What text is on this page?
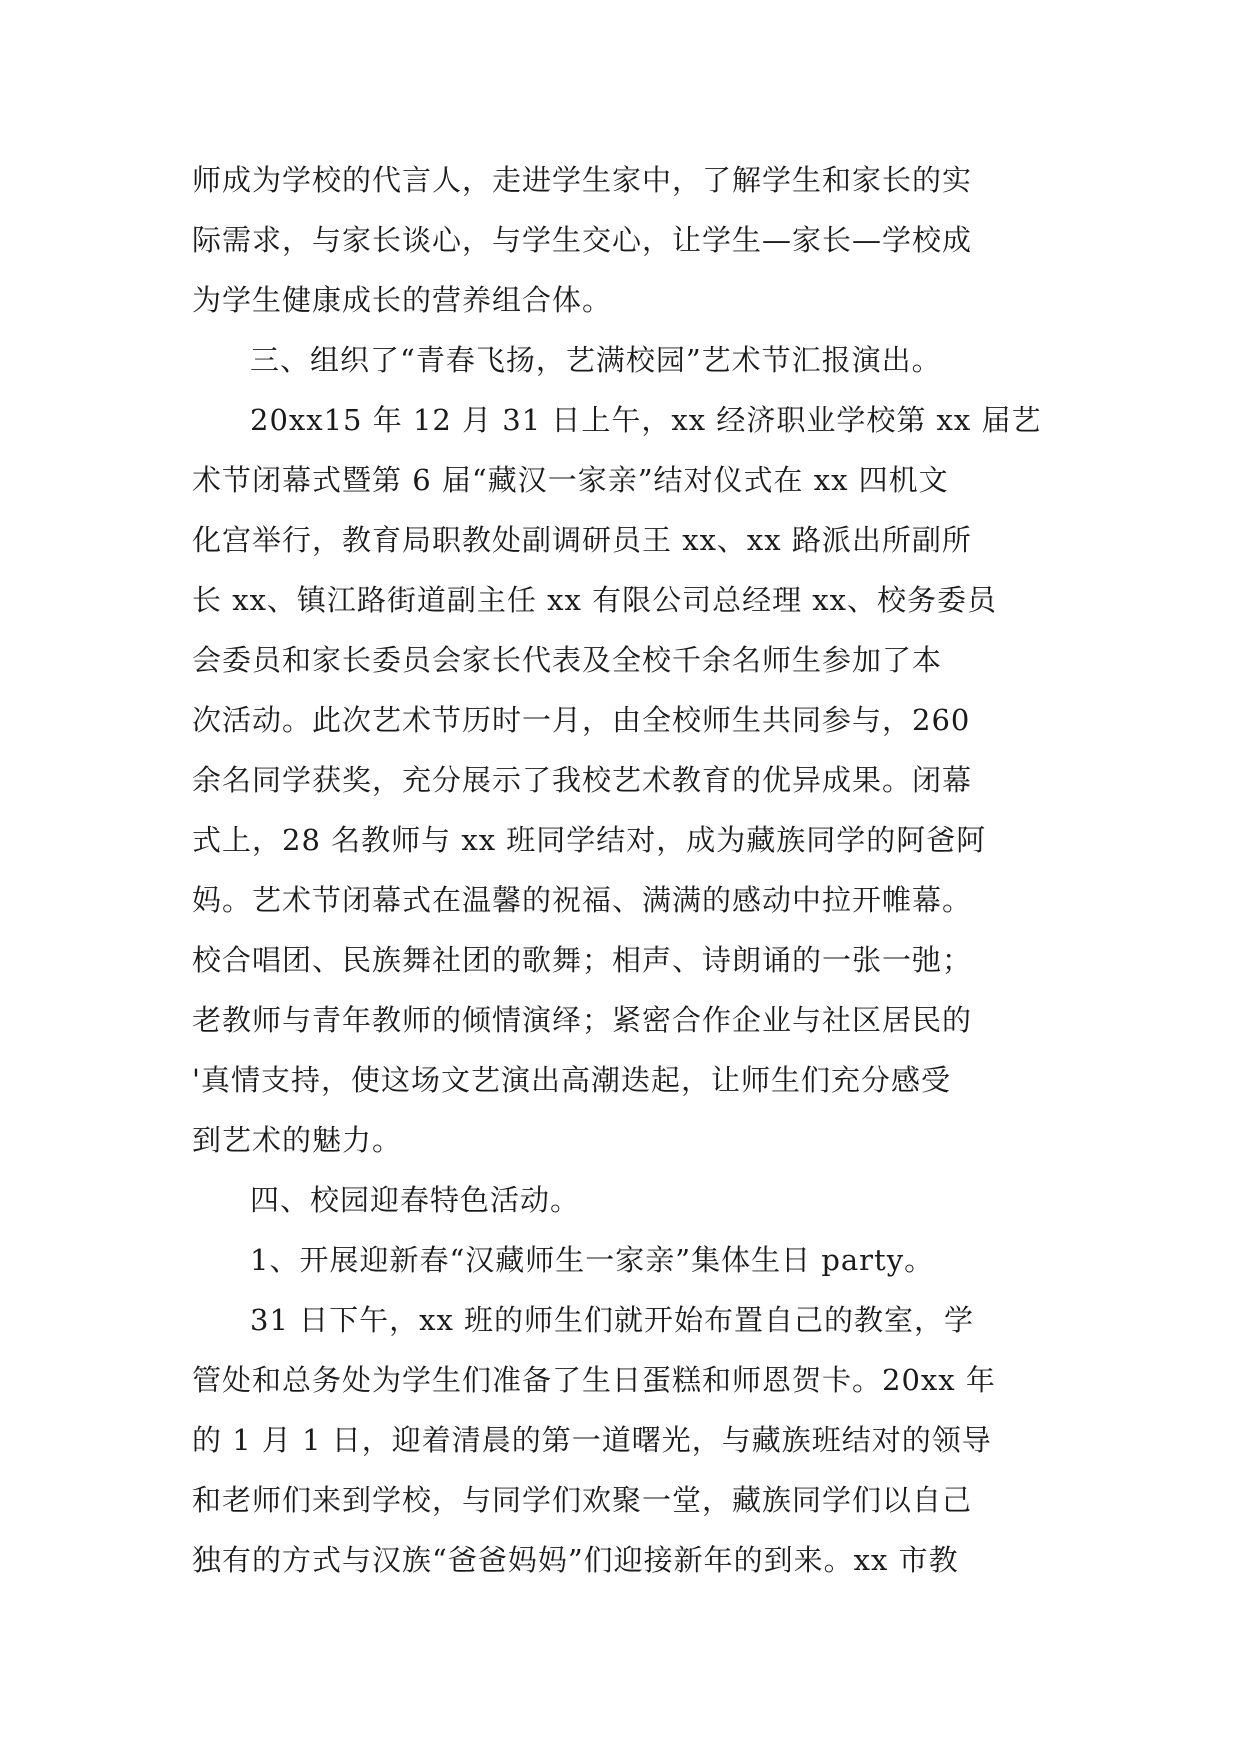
师成为学校的代言人，走进学生家中，了解学生和家长的实
际需求，与家长谈心，与学生交心，让学生—家长—学校成
为学生健康成长的营养组合体。
三、组织了“青春飞扬，艺满校园”艺术节汇报演出。
20xx15 年 12 月 31 日上午，xx 经济职业学校第 xx 届艺
术节闭幕式暨第 6 届“藏汉一家亲”结对仪式在 xx 四机文
化宫举行，教育局职教处副调研员王 xx、xx 路派出所副所
长 xx、镇江路街道副主任 xx 有限公司总经理 xx、校务委员
会委员和家长委员会家长代表及全校千余名师生参加了本
次活动。此次艺术节历时一月，由全校师生共同参与，260
余名同学获奖，充分展示了我校艺术教育的优异成果。闭幕
式上，28 名教师与 xx 班同学结对，成为藏族同学的阿爸阿
妈。艺术节闭幕式在温馨的祝福、满满的感动中拉开帷幕。
校合唱团、民族舞社团的歌舞；相声、诗朗诵的一张一弛；
老教师与青年教师的倾情演绎；紧密合作企业与社区居民的
'真情支持，使这场文艺演出高潮迭起，让师生们充分感受
到艺术的魅力。
四、校园迎春特色活动。
1、开展迎新春“汉藏师生一家亲”集体生日 party。
31 日下午，xx 班的师生们就开始布置自己的教室，学
管处和总务处为学生们准备了生日蛋糕和师恩贺卡。20xx 年
的 1 月 1 日，迎着清晨的第一道曙光，与藏族班结对的领导
和老师们来到学校，与同学们欢聚一堂，藏族同学们以自己
独有的方式与汉族“爸爸妈妈”们迎接新年的到来。xx 市教
